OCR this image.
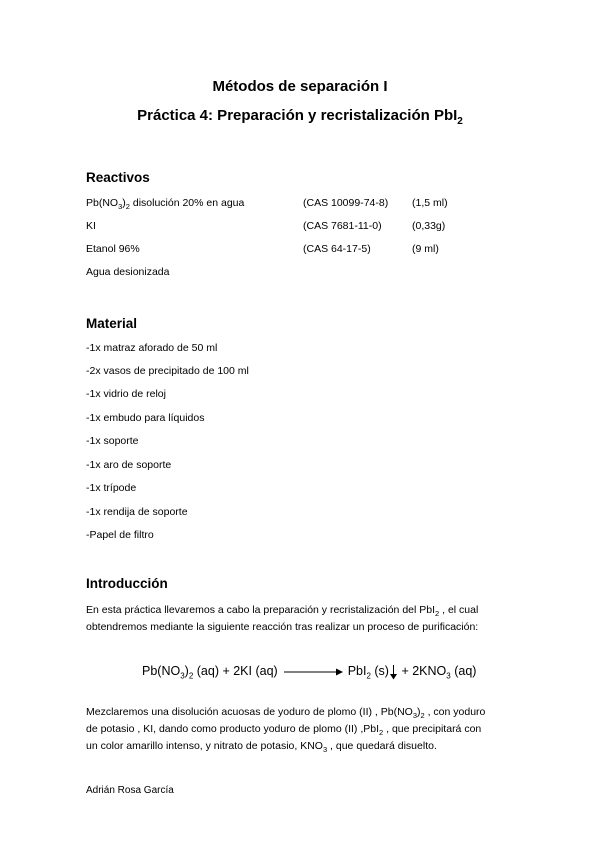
Métodos de separación I
Práctica 4: Preparación y recristalización PbI$_2$
Reactivos
$Pb(NO_3)_2$ disolución 20% en agua	(CAS 10099-74-8) (1,5 ml)
KI	(CAS 7681-11-0)	(0,33g)
Etanol 96%	(CAS 64-17-5)	(9 ml)
Agua desionizada
Material
-1x matraz aforado de 50 ml
-2x vasos de precipitado de 100 ml
-1x vidrio de reloj
-1x embudo para líquidos
-1x soporte
-1x aro de soporte
-1x trípode
-1x rendija de soporte
-Papel de filtro
Introducción
En esta práctica llevaremos a cabo la preparación y recristalización del PbI$_2$ , el cual
obtendremos mediante la siguiente reacción tras realizar un proceso de purificación:
$Pb(NO_3)_2$ (aq) + 2KI (aq)	PbI$_2$ $(s) + 2KNO_3$ (aq)
Mezclaremos una disolución acuosas de yoduro de plomo (II) , $Pb(NO_3)_2$ , con yoduro
de potasio , KI, dando como producto yoduro de plomo (II) ,PbI$_2$ , que precipitará con
un color amarillo intenso, y nitrato de potasio, $KNO_3$ , que quedará disuelto.
Adrián Rosa García
